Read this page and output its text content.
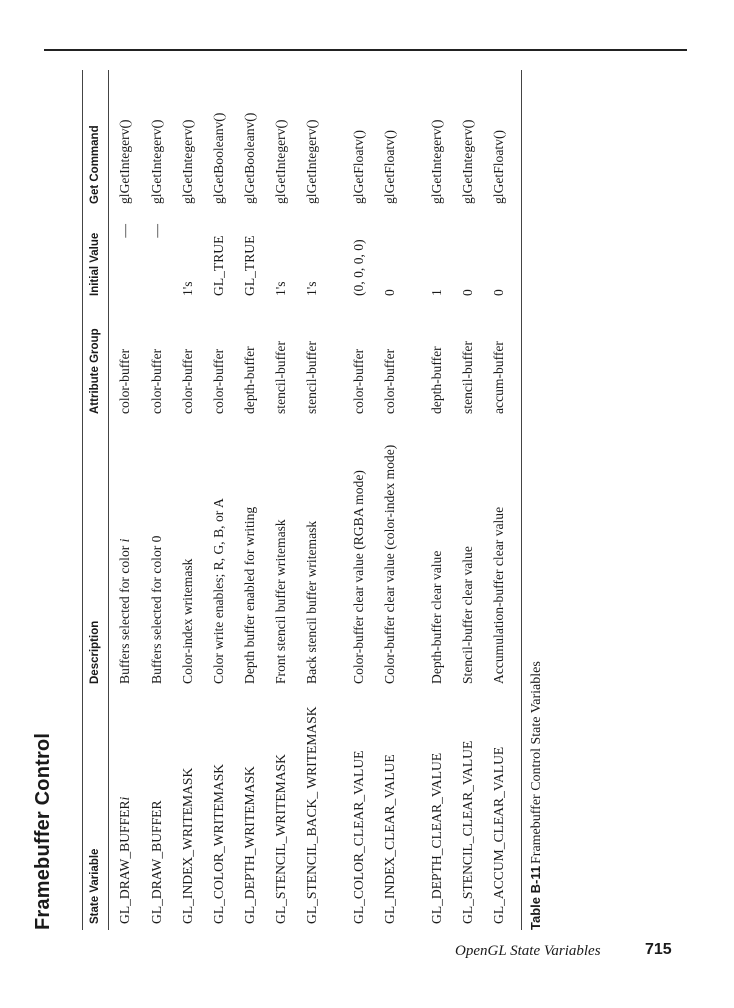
Framebuffer Control	State Variable	Description	Attribute Group	Initial Value	Get Command
GL_DRAW_BUFFERi	Buffers selected for color i	color-buffer	—	glGetIntegerv()
GL_DRAW_BUFFER	Buffers selected for color 0	color-buffer	—	glGetIntegerv()
GL_INDEX_WRITEMASK	Color-index writemask	color-buffer	1's	glGetIntegerv()
GL_COLOR_WRITEMASK	Color write enables; R, G, B, or A	color-buffer	GL_TRUE	glGetBooleanv()
GL_DEPTH_WRITEMASK	Depth buffer enabled for writing	depth-buffer	GL_TRUE	glGetBooleanv()
GL_STENCIL_WRITEMASK	Front stencil buffer writemask	stencil-buffer	1's	glGetIntegerv()
GL_STENCIL_BACK_ WRITEMASK	Back stencil buffer writemask	stencil-buffer	1's	glGetIntegerv()
GL_COLOR_CLEAR_VALUE	Color-buffer clear value (RGBA mode)	color-buffer	(0, 0, 0, 0)	glGetFloatv()
GL_INDEX_CLEAR_VALUE	Color-buffer clear value (color-index mode)	color-buffer	0	glGetFloatv()
GL_DEPTH_CLEAR_VALUE	Depth-buffer clear value	depth-buffer	1	glGetIntegerv()
GL_STENCIL_CLEAR_VALUE	Stencil-buffer clear value	stencil-buffer	0	glGetIntegerv()
GL_ACCUM_CLEAR_VALUE	Accumulation-buffer clear value	accum-buffer	0	glGetFloatv()
Table B-11Framebuffer Control State Variables
OpenGL State Variables	715
